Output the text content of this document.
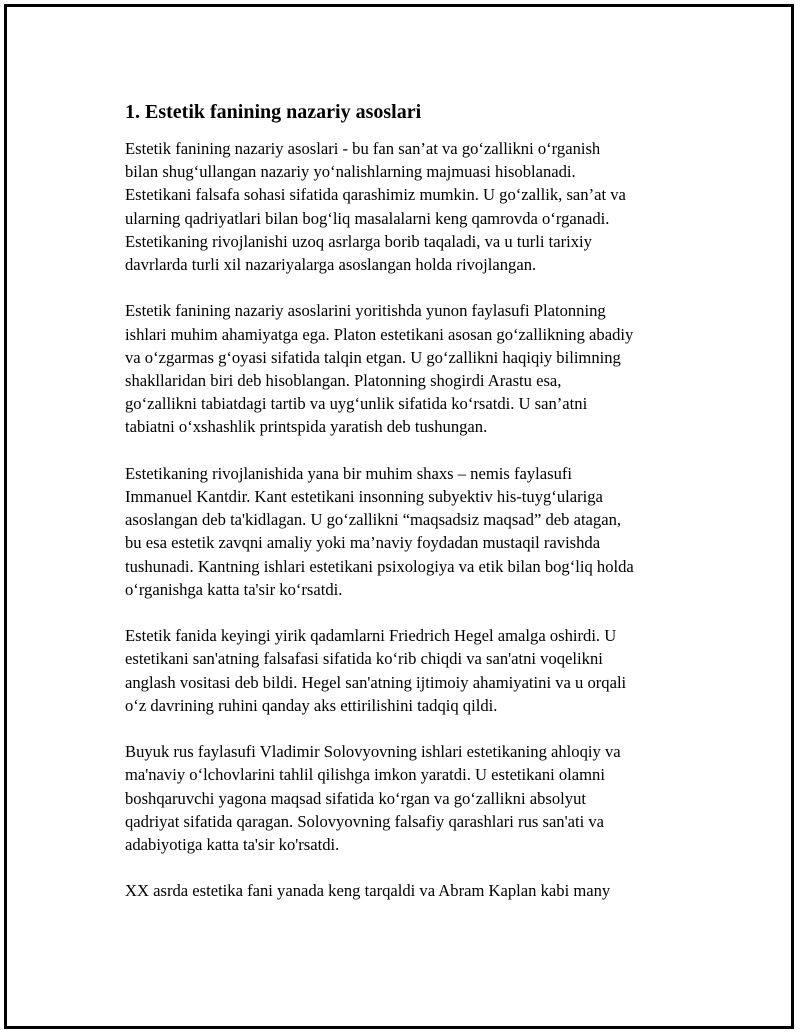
1. Estetik fanining nazariy asoslari
Estetik fanining nazariy asoslari - bu fan san’at va go‘zallikni o‘rganish
bilan shug‘ullangan nazariy yo‘nalishlarning majmuasi hisoblanadi.
Estetikani falsafa sohasi sifatida qarashimiz mumkin. U go‘zallik, san’at va
ularning qadriyatlari bilan bog‘liq masalalarni keng qamrovda o‘rganadi.
Estetikaning rivojlanishi uzoq asrlarga borib taqaladi, va u turli tarixiy
davrlarda turli xil nazariyalarga asoslangan holda rivojlangan.
Estetik fanining nazariy asoslarini yoritishda yunon faylasufi Platonning
ishlari muhim ahamiyatga ega. Platon estetikani asosan go‘zallikning abadiy
va o‘zgarmas g‘oyasi sifatida talqin etgan. U go‘zallikni haqiqiy bilimning
shakllaridan biri deb hisoblangan. Platonning shogirdi Arastu esa,
go‘zallikni tabiatdagi tartib va uyg‘unlik sifatida ko‘rsatdi. U san’atni
tabiatni o‘xshashlik printspida yaratish deb tushungan.
Estetikaning rivojlanishida yana bir muhim shaxs – nemis faylasufi
Immanuel Kantdir. Kant estetikani insonning subyektiv his-tuyg‘ulariga
asoslangan deb ta'kidlagan. U go‘zallikni “maqsadsiz maqsad” deb atagan,
bu esa estetik zavqni amaliy yoki ma’naviy foydadan mustaqil ravishda
tushunadi. Kantning ishlari estetikani psixologiya va etik bilan bog‘liq holda
o‘rganishga katta ta'sir ko‘rsatdi.
Estetik fanida keyingi yirik qadamlarni Friedrich Hegel amalga oshirdi. U
estetikani san'atning falsafasi sifatida ko‘rib chiqdi va san'atni voqelikni
anglash vositasi deb bildi. Hegel san'atning ijtimoiy ahamiyatini va u orqali
o‘z davrining ruhini qanday aks ettirilishini tadqiq qildi.
Buyuk rus faylasufi Vladimir Solovyovning ishlari estetikaning ahloqiy va
ma'naviy o‘lchovlarini tahlil qilishga imkon yaratdi. U estetikani olamni
boshqaruvchi yagona maqsad sifatida ko‘rgan va go‘zallikni absolyut
qadriyat sifatida qaragan. Solovyovning falsafiy qarashlari rus san'ati va
adabiyotiga katta ta'sir ko'rsatdi.
XX asrda estetika fani yanada keng tarqaldi va Abram Kaplan kabi many
